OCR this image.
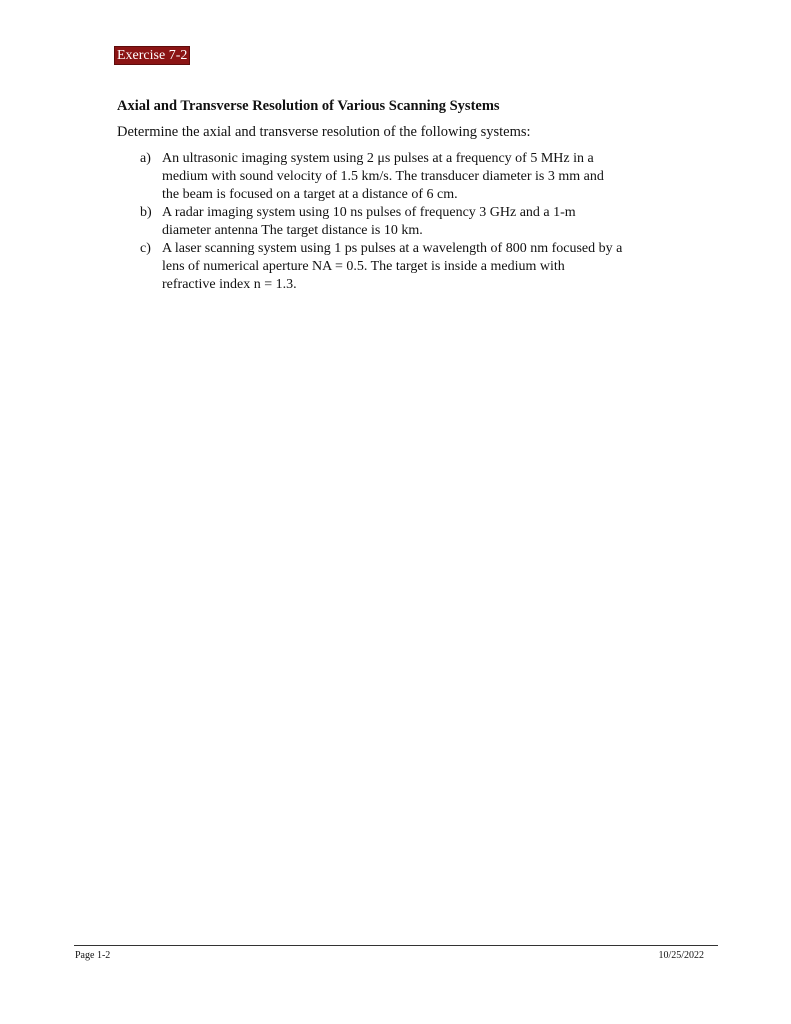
Exercise 7-2
Axial and Transverse Resolution of Various Scanning Systems
Determine the axial and transverse resolution of the following systems:
a) An ultrasonic imaging system using 2 μs pulses at a frequency of 5 MHz in a
medium with sound velocity of 1.5 km/s. The transducer diameter is 3 mm and
the beam is focused on a target at a distance of 6 cm.
b) A radar imaging system using 10 ns pulses of frequency 3 GHz and a 1-m
diameter antenna The target distance is 10 km.
c) A laser scanning system using 1 ps pulses at a wavelength of 800 nm focused by a
lens of numerical aperture NA = 0.5. The target is inside a medium with
refractive index n = 1.3.
Page 1-2	10/25/2022
